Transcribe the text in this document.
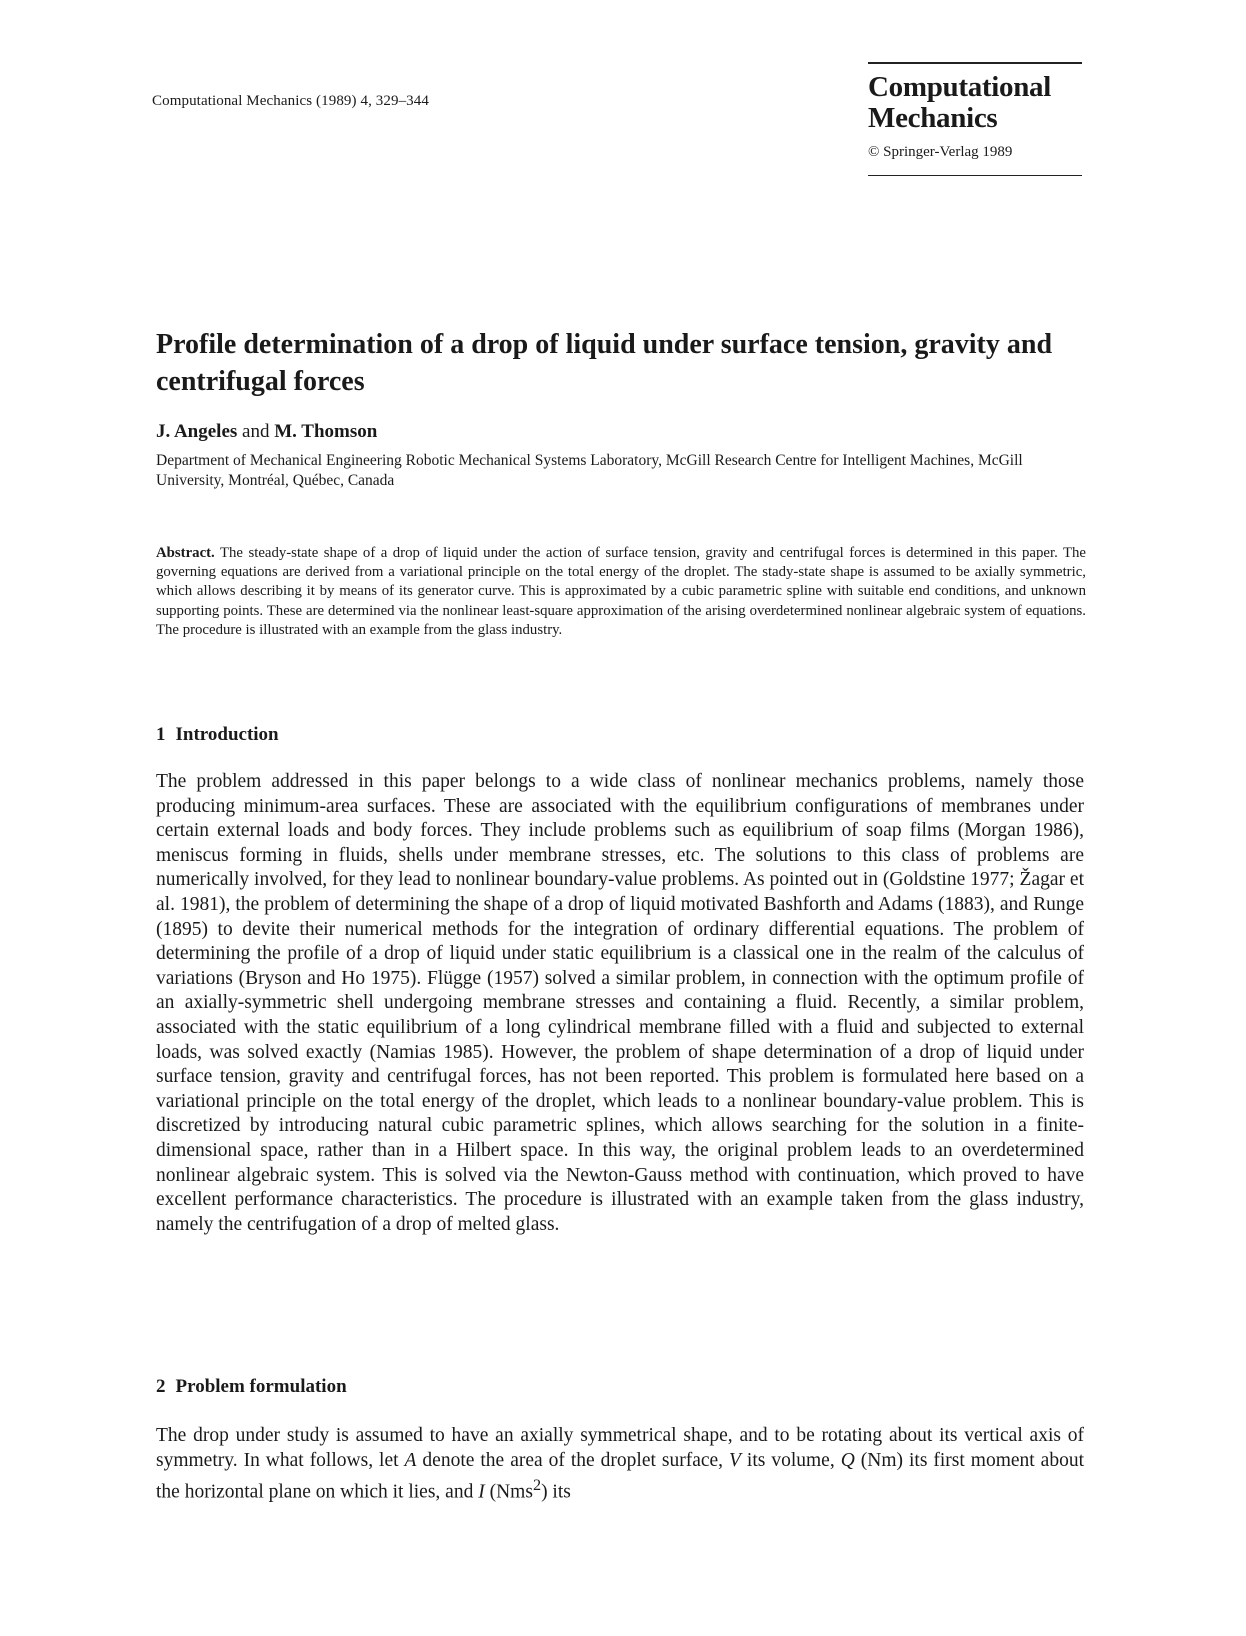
Computational Mechanics (1989) 4, 329–344	Computational
Mechanics
© Springer-Verlag 1989
Profile determination of a drop of liquid under surface tension, gravity and centrifugal forces

J. Angeles and M. Thomson

Department of Mechanical Engineering Robotic Mechanical Systems Laboratory, McGill Research Centre for Intelligent Machines, McGill University, Montréal, Québec, Canada

Abstract. The steady-state shape of a drop of liquid under the action of surface tension, gravity and centrifugal forces is determined in this paper. The governing equations are derived from a variational principle on the total energy of the droplet. The stady-state shape is assumed to be axially symmetric, which allows describing it by means of its generator curve. This is approximated by a cubic parametric spline with suitable end conditions, and unknown supporting points. These are determined via the nonlinear least-square approximation of the arising overdetermined nonlinear algebraic system of equations. The procedure is illustrated with an example from the glass industry.

1 Introduction

The problem addressed in this paper belongs to a wide class of nonlinear mechanics problems, namely those producing minimum-area surfaces. These are associated with the equilibrium configurations of membranes under certain external loads and body forces. They include problems such as equilibrium of soap films (Morgan 1986), meniscus forming in fluids, shells under membrane stresses, etc. The solutions to this class of problems are numerically involved, for they lead to nonlinear boundary-value problems. As pointed out in (Goldstine 1977; Žagar et al. 1981), the problem of determining the shape of a drop of liquid motivated Bashforth and Adams (1883), and Runge (1895) to devite their numerical methods for the integration of ordinary differential equations. The problem of determining the profile of a drop of liquid under static equilibrium is a classical one in the realm of the calculus of variations (Bryson and Ho 1975). Flügge (1957) solved a similar problem, in connection with the optimum profile of an axially-symmetric shell undergoing membrane stresses and containing a fluid. Recently, a similar problem, associated with the static equilibrium of a long cylindrical membrane filled with a fluid and subjected to external loads, was solved exactly (Namias 1985). However, the problem of shape determination of a drop of liquid under surface tension, gravity and centrifugal forces, has not been reported. This problem is formulated here based on a variational principle on the total energy of the droplet, which leads to a nonlinear boundary-value problem. This is discretized by introducing natural cubic parametric splines, which allows searching for the solution in a finite-dimensional space, rather than in a Hilbert space. In this way, the original problem leads to an overdetermined nonlinear algebraic system. This is solved via the Newton-Gauss method with continuation, which proved to have excellent performance characteristics. The procedure is illustrated with an example taken from the glass industry, namely the centrifugation of a drop of melted glass.

2 Problem formulation

The drop under study is assumed to have an axially symmetrical shape, and to be rotating about its vertical axis of symmetry. In what follows, let A denote the area of the droplet surface, V its volume, Q (Nm) its first moment about the horizontal plane on which it lies, and I (Nms$^2$) its
